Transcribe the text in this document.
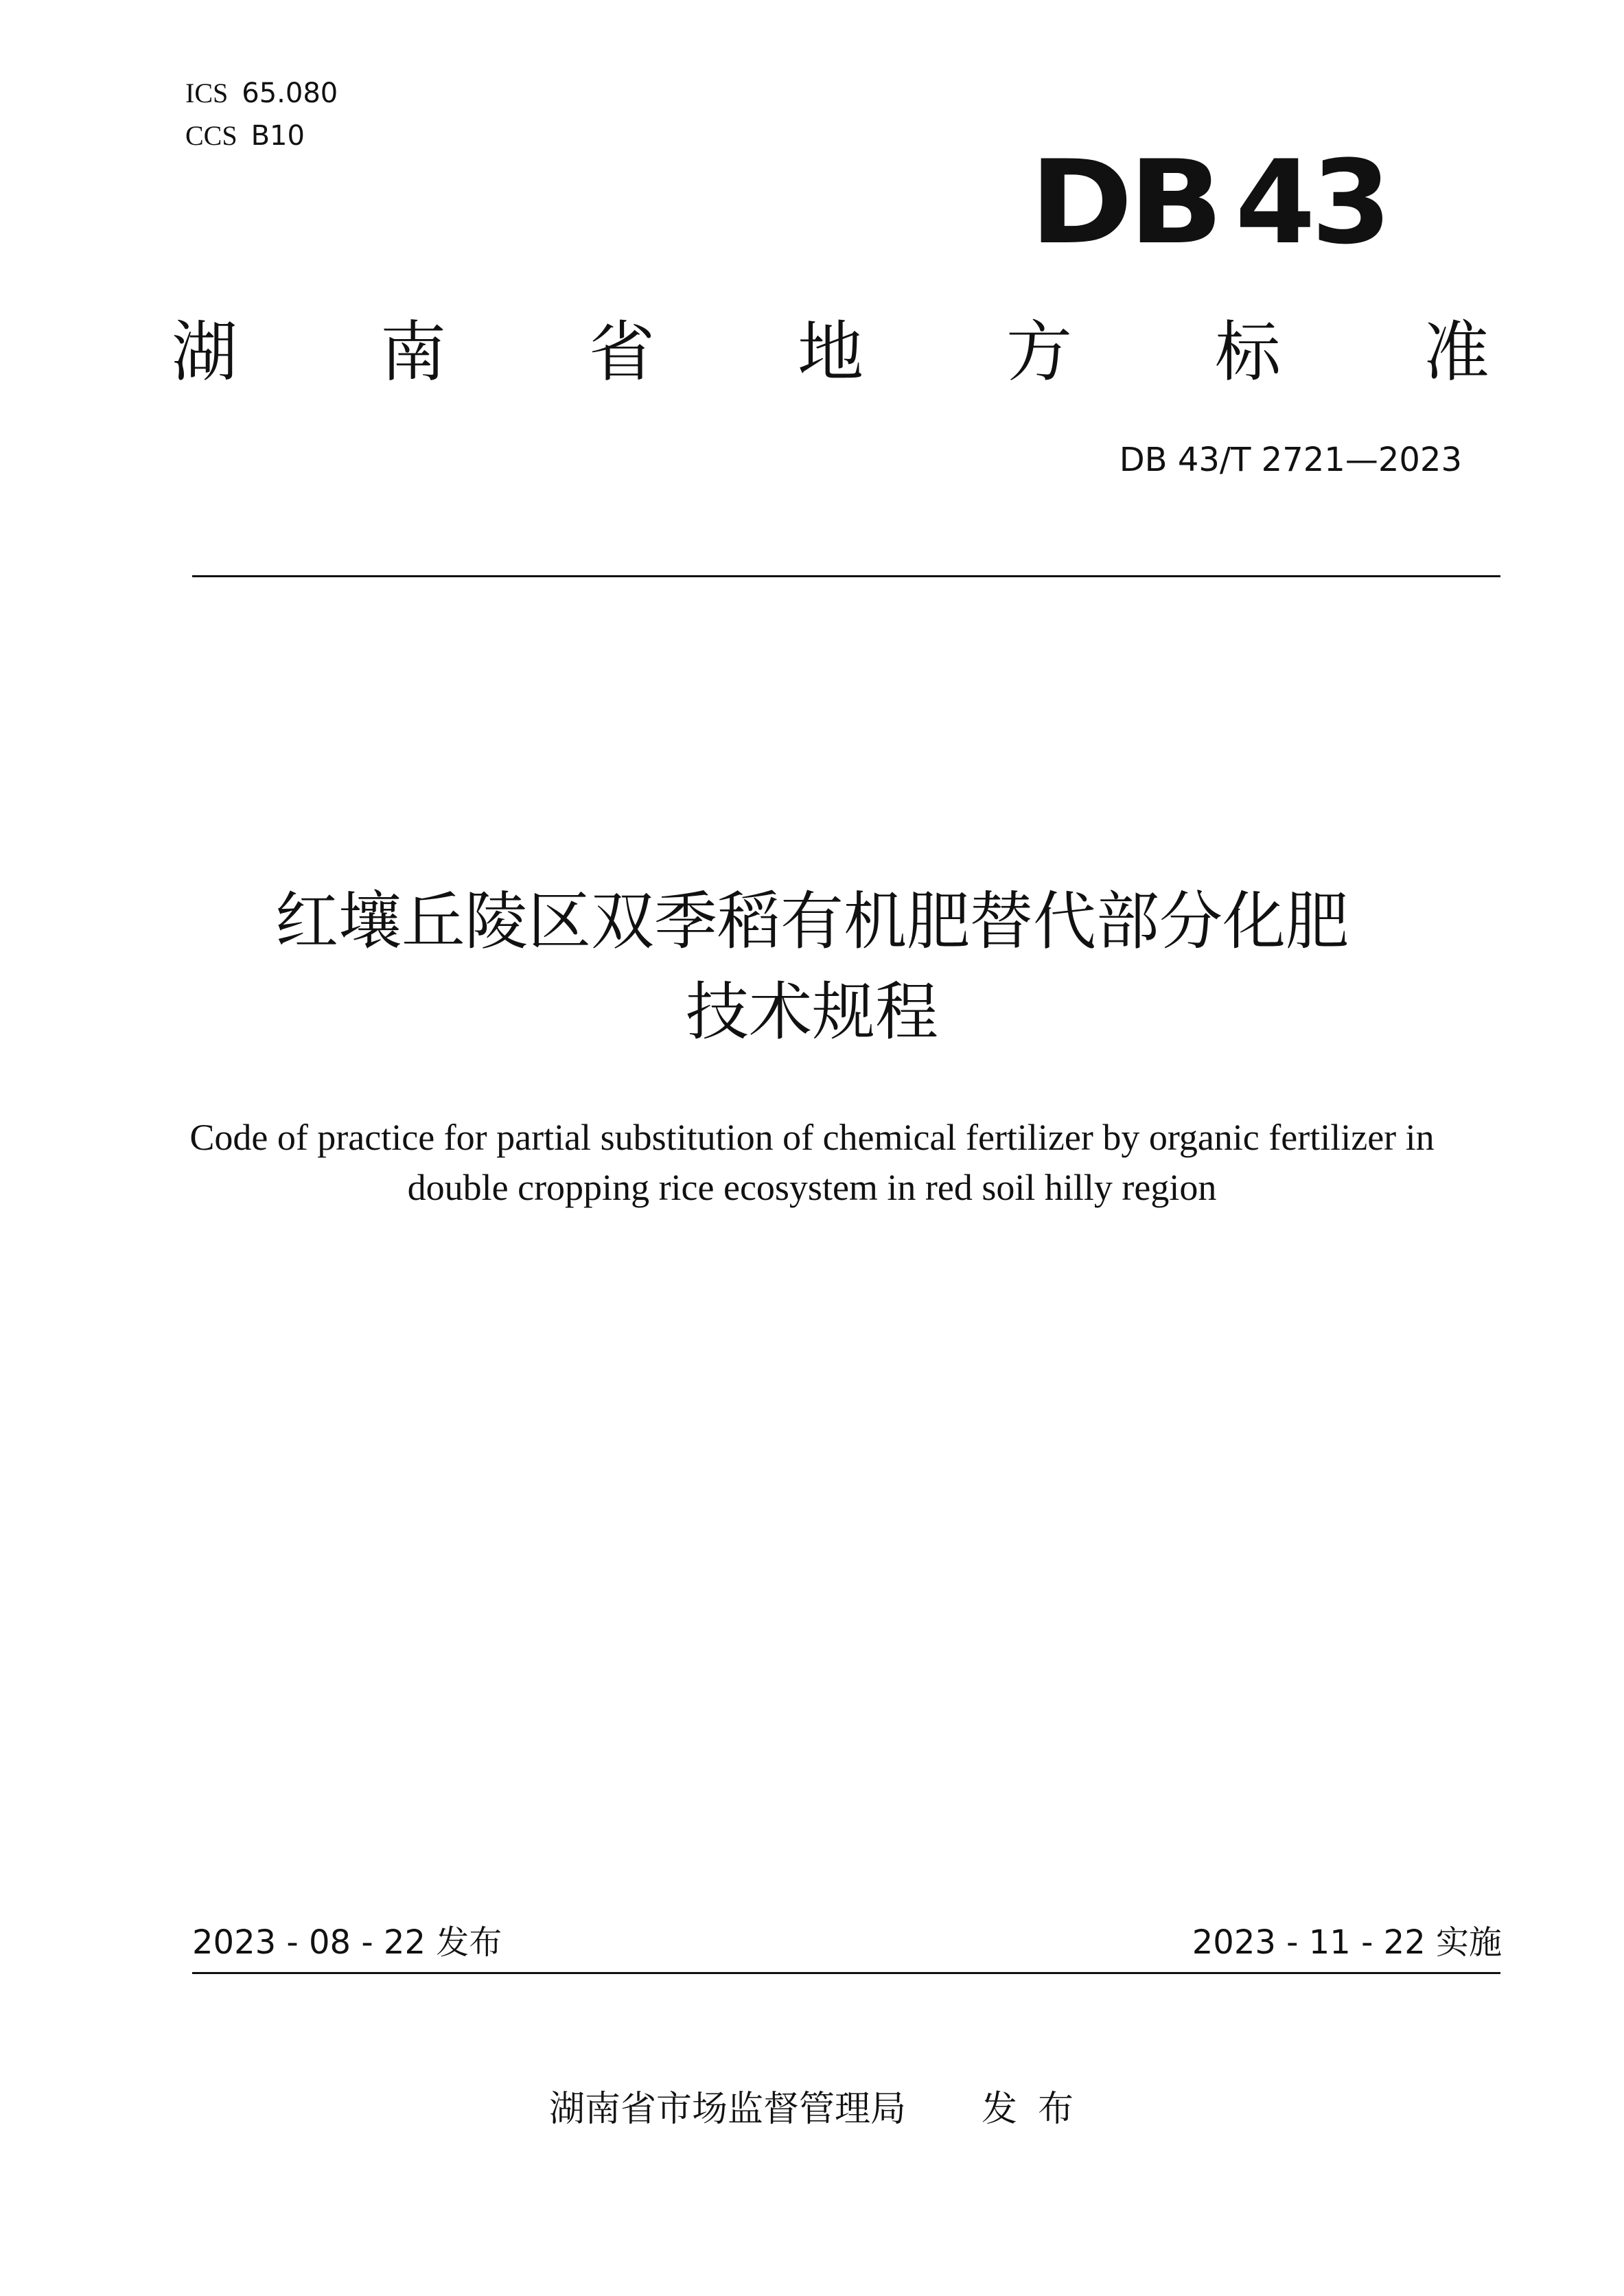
ICS 65.080
CCS B10	DB 43
湖 南 省 地 方 标 准
DB 43/T 2721—2023
红壤丘陵区双季稻有机肥替代部分化肥
技术规程
Code of practice for partial substitution of chemical fertilizer by organic fertilizer in
double cropping rice ecosystem in red soil hilly region
2023 - 08 - 22 发布	2023 - 11 - 22 实施
湖南省市场监督管理局 发布
